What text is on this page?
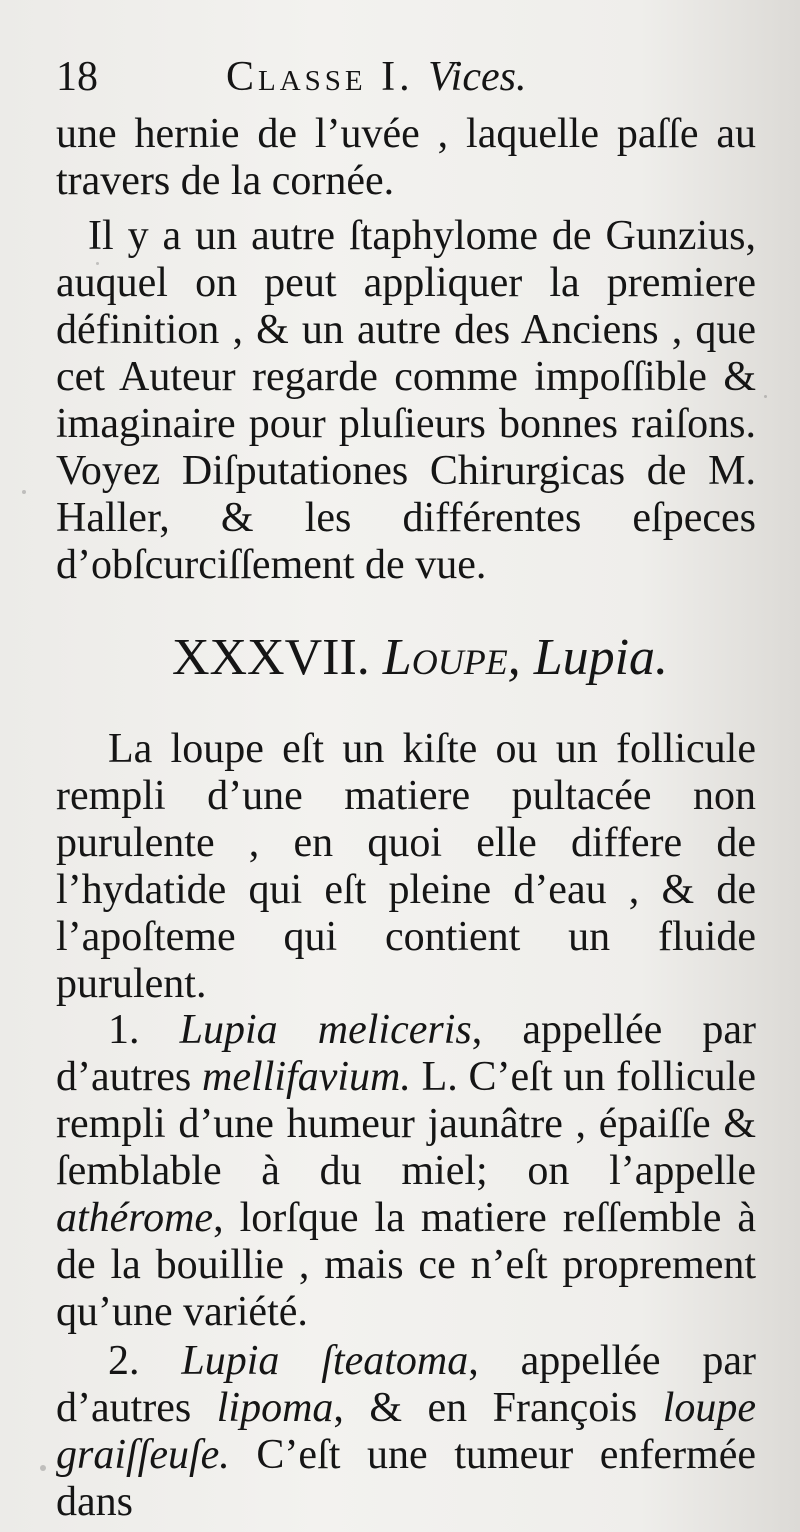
18	Classe I. Vices.
une hernie de l’uvée , laquelle paſſe au travers de la cornée.
Il y a un autre ſtaphylome de Gunzius, auquel on peut appliquer la premiere définition , & un autre des Anciens , que cet Auteur regarde comme impoſſible & imaginaire pour pluſieurs bonnes raiſons. Voyez Diſputationes Chirurgicas de M. Haller, & les différentes eſpeces d’obſcurciſſement de vue.
XXXVII. Loupe, Lupia.
La loupe eſt un kiſte ou un follicule rempli d’une matiere pultacée non purulente , en quoi elle differe de l’hydatide qui eſt pleine d’eau , & de l’apoſteme qui contient un fluide purulent.
1. Lupia meliceris, appellée par d’autres mellifavium. L. C’eſt un follicule rempli d’une humeur jaunâtre , épaiſſe & ſemblable à du miel; on l’appelle athérome, lorſque la matiere reſſemble à de la bouillie , mais ce n’eſt proprement qu’une variété.
2. Lupia ſteatoma, appellée par d’autres lipoma, & en François loupe graiſſeuſe. C’eſt une tumeur enfermée dans
